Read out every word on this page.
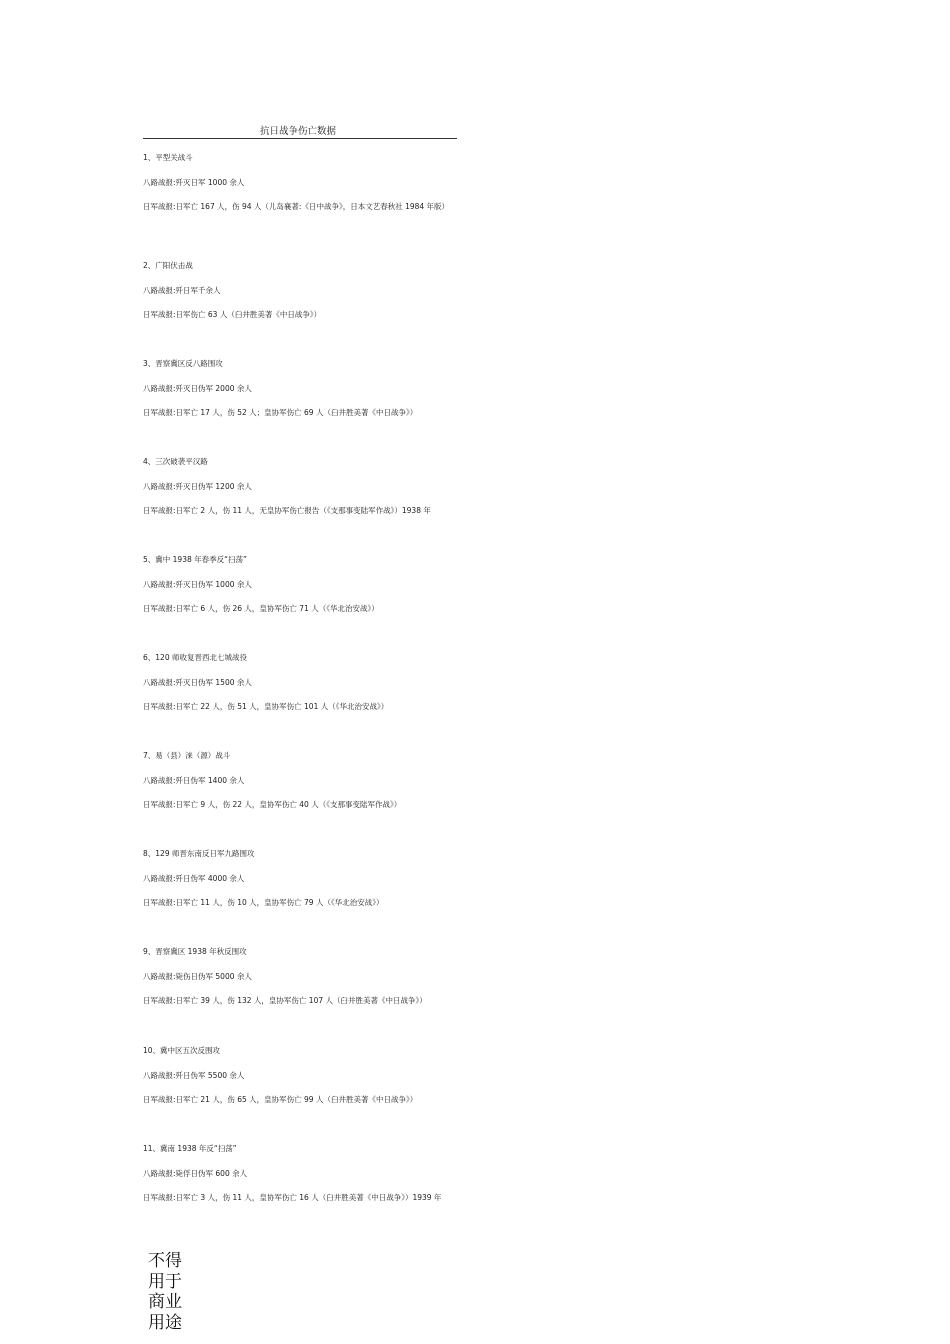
抗日战争伤亡数据
1、平型关战斗
八路战报:歼灭日军 1000 余人
日军战报:日军亡 167 人，伤 94 人（儿岛襄著:《日中战争》，日本文艺春秋社 1984 年版）
2、广阳伏击战
八路战报:歼日军千余人
日军战报:日军伤亡 63 人（臼井胜美著《中日战争》）
3、晋察冀区反八路围攻
八路战报:歼灭日伪军 2000 余人
日军战报:日军亡 17 人，伤 52 人；皇协军伤亡 69 人（臼井胜美著《中日战争》）
4、三次破袭平汉路
八路战报:歼灭日伪军 1200 余人
日军战报:日军亡 2 人，伤 11 人，无皇协军伤亡报告（《支那事变陆军作战》）1938 年
5、冀中 1938 年春季反“扫荡”
八路战报:歼灭日伪军 1000 余人
日军战报:日军亡 6 人，伤 26 人，皇协军伤亡 71 人（《华北治安战》）
6、120 师收复晋西北七城战役
八路战报:歼灭日伪军 1500 余人
日军战报:日军亡 22 人，伤 51 人，皇协军伤亡 101 人（《华北治安战》）
7、易（县）涞（源）战斗
八路战报:歼日伪军 1400 余人
日军战报:日军亡 9 人，伤 22 人，皇协军伤亡 40 人（《支那事变陆军作战》）
8、129 师晋东南反日军九路围攻
八路战报:歼日伪军 4000 余人
日军战报:日军亡 11 人，伤 10 人，皇协军伤亡 79 人（《华北治安战》）
9、晋察冀区 1938 年秋反围攻
八路战报:毙伤日伪军 5000 余人
日军战报:日军亡 39 人，伤 132 人，皇协军伤亡 107 人（臼井胜美著《中日战争》）
10、冀中区五次反围攻
八路战报:歼日伪军 5500 余人
日军战报:日军亡 21 人，伤 65 人，皇协军伤亡 99 人（臼井胜美著《中日战争》）
11、冀南 1938 年反“扫荡”
八路战报:毙俘日伪军 600 余人
日军战报:日军亡 3 人，伤 11 人，皇协军伤亡 16 人（臼井胜美著《中日战争》）1939 年
不得用于商业用途
